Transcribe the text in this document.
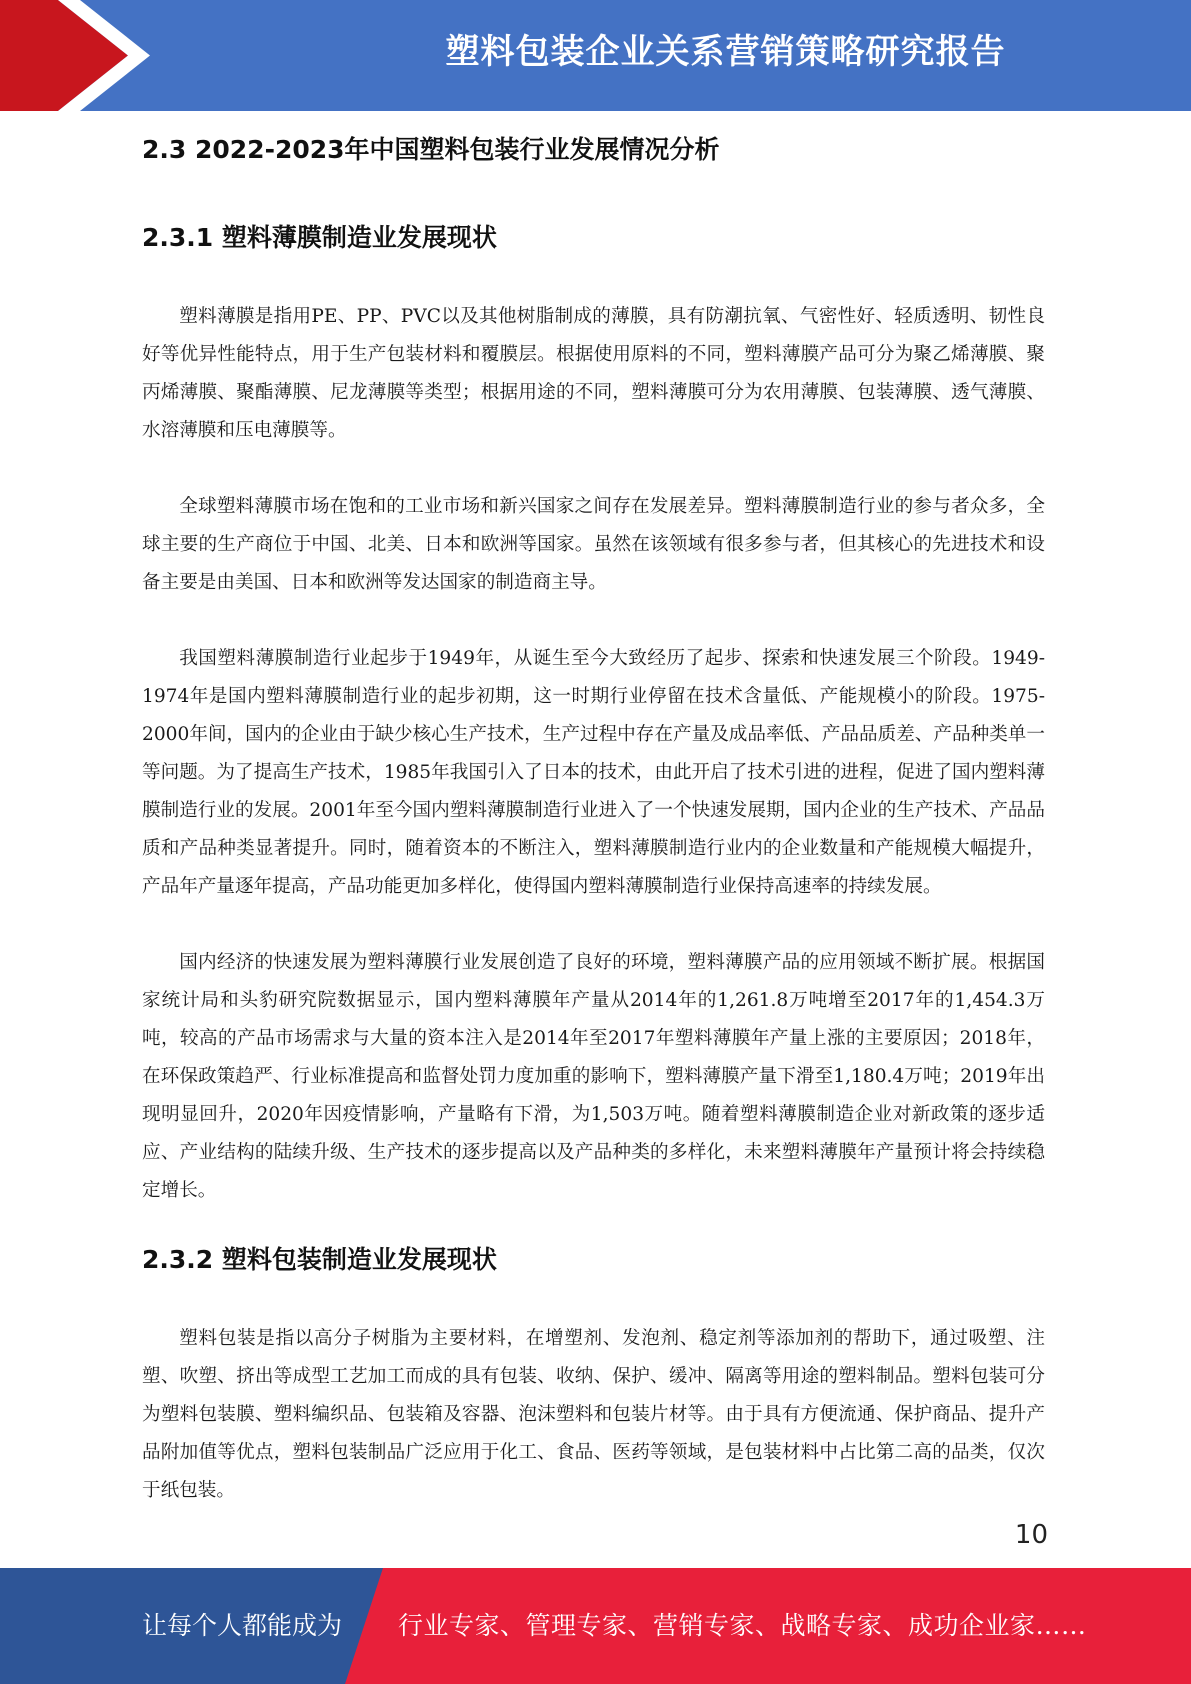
塑料包装企业关系营销策略研究报告
2.3 2022-2023年中国塑料包装行业发展情况分析
2.3.1 塑料薄膜制造业发展现状

塑料薄膜是指用PE、PP、PVC以及其他树脂制成的薄膜，具有防潮抗氧、气密性好、轻质透明、韧性良好等优异性能特点，用于生产包装材料和覆膜层。根据使用原料的不同，塑料薄膜产品可分为聚乙烯薄膜、聚丙烯薄膜、聚酯薄膜、尼龙薄膜等类型；根据用途的不同，塑料薄膜可分为农用薄膜、包装薄膜、透气薄膜、水溶薄膜和压电薄膜等。

全球塑料薄膜市场在饱和的工业市场和新兴国家之间存在发展差异。塑料薄膜制造行业的参与者众多，全球主要的生产商位于中国、北美、日本和欧洲等国家。虽然在该领域有很多参与者，但其核心的先进技术和设备主要是由美国、日本和欧洲等发达国家的制造商主导。

我国塑料薄膜制造行业起步于1949年，从诞生至今大致经历了起步、探索和快速发展三个阶段。1949-1974年是国内塑料薄膜制造行业的起步初期，这一时期行业停留在技术含量低、产能规模小的阶段。1975-2000年间，国内的企业由于缺少核心生产技术，生产过程中存在产量及成品率低、产品品质差、产品种类单一等问题。为了提高生产技术，1985年我国引入了日本的技术，由此开启了技术引进的进程，促进了国内塑料薄膜制造行业的发展。2001年至今国内塑料薄膜制造行业进入了一个快速发展期，国内企业的生产技术、产品品质和产品种类显著提升。同时，随着资本的不断注入，塑料薄膜制造行业内的企业数量和产能规模大幅提升，产品年产量逐年提高，产品功能更加多样化，使得国内塑料薄膜制造行业保持高速率的持续发展。

国内经济的快速发展为塑料薄膜行业发展创造了良好的环境，塑料薄膜产品的应用领域不断扩展。根据国家统计局和头豹研究院数据显示，国内塑料薄膜年产量从2014年的1,261.8万吨增至2017年的1,454.3万吨，较高的产品市场需求与大量的资本注入是2014年至2017年塑料薄膜年产量上涨的主要原因；2018年，在环保政策趋严、行业标准提高和监督处罚力度加重的影响下，塑料薄膜产量下滑至1,180.4万吨；2019年出现明显回升，2020年因疫情影响，产量略有下滑，为1,503万吨。随着塑料薄膜制造企业对新政策的逐步适应、产业结构的陆续升级、生产技术的逐步提高以及产品种类的多样化，未来塑料薄膜年产量预计将会持续稳定增长。

2.3.2 塑料包装制造业发展现状

塑料包装是指以高分子树脂为主要材料，在增塑剂、发泡剂、稳定剂等添加剂的帮助下，通过吸塑、注塑、吹塑、挤出等成型工艺加工而成的具有包装、收纳、保护、缓冲、隔离等用途的塑料制品。塑料包装可分为塑料包装膜、塑料编织品、包装箱及容器、泡沫塑料和包装片材等。由于具有方便流通、保护商品、提升产品附加值等优点，塑料包装制品广泛应用于化工、食品、医药等领域，是包装材料中占比第二高的品类，仅次于纸包装。

10
让每个人都能成为 行业专家、管理专家、营销专家、战略专家、成功企业家……
